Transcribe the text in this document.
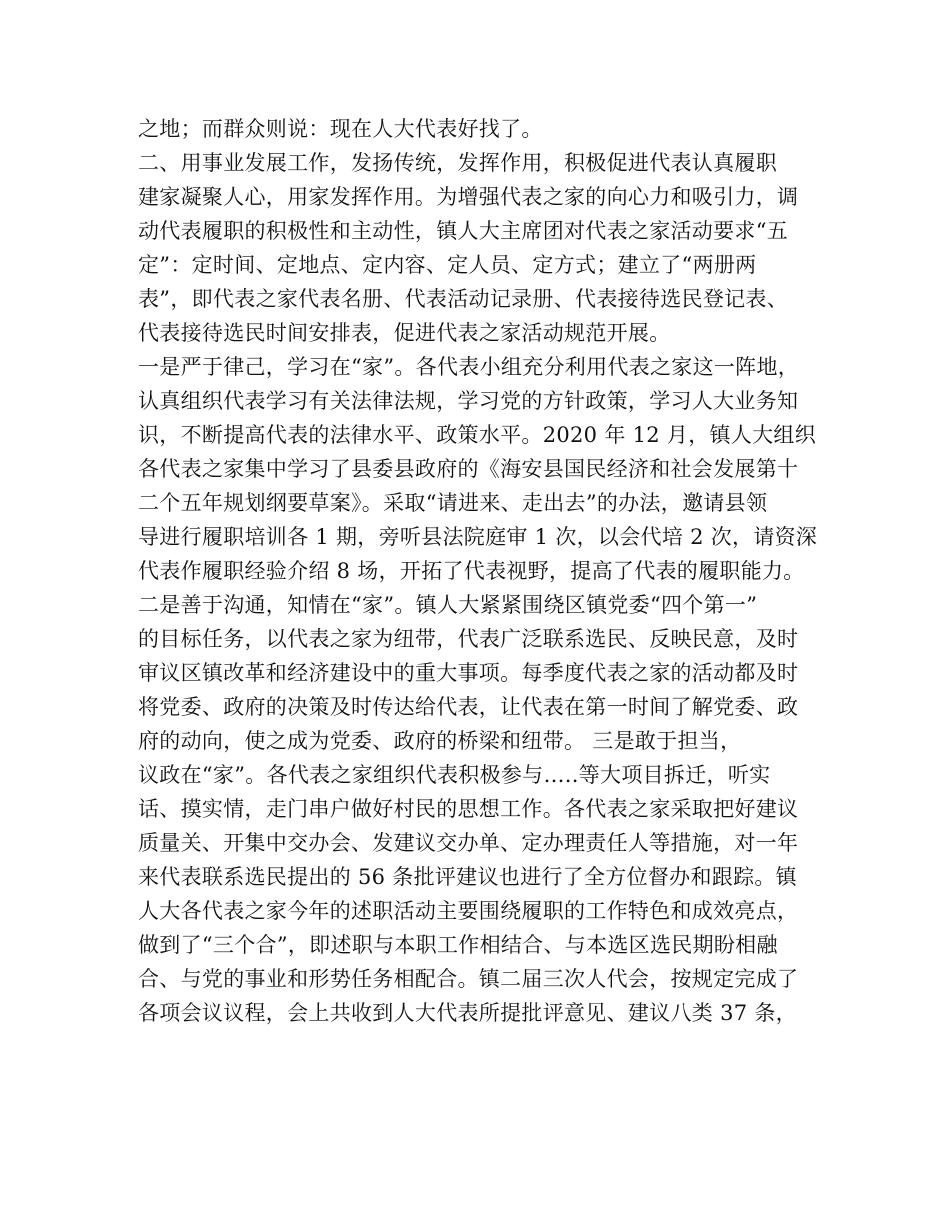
之地；而群众则说：现在人大代表好找了。
二、用事业发展工作，发扬传统，发挥作用，积极促进代表认真履职
建家凝聚人心，用家发挥作用。为增强代表之家的向心力和吸引力，调
动代表履职的积极性和主动性，镇人大主席团对代表之家活动要求“五
定”：定时间、定地点、定内容、定人员、定方式；建立了“两册两
表”，即代表之家代表名册、代表活动记录册、代表接待选民登记表、
代表接待选民时间安排表，促进代表之家活动规范开展。
一是严于律己，学习在“家”。各代表小组充分利用代表之家这一阵地，
认真组织代表学习有关法律法规，学习党的方针政策，学习人大业务知
识，不断提高代表的法律水平、政策水平。2020 年 12 月，镇人大组织
各代表之家集中学习了县委县政府的《海安县国民经济和社会发展第十
二个五年规划纲要草案》。采取“请进来、走出去”的办法，邀请县领
导进行履职培训各 1 期，旁听县法院庭审 1 次，以会代培 2 次，请资深
代表作履职经验介绍 8 场，开拓了代表视野，提高了代表的履职能力。
二是善于沟通，知情在“家”。镇人大紧紧围绕区镇党委“四个第一”
的目标任务，以代表之家为纽带，代表广泛联系选民、反映民意，及时
审议区镇改革和经济建设中的重大事项。每季度代表之家的活动都及时
将党委、政府的决策及时传达给代表，让代表在第一时间了解党委、政
府的动向，使之成为党委、政府的桥梁和纽带。 三是敢于担当，
议政在“家”。各代表之家组织代表积极参与…..等大项目拆迁，听实
话、摸实情，走门串户做好村民的思想工作。各代表之家采取把好建议
质量关、开集中交办会、发建议交办单、定办理责任人等措施，对一年
来代表联系选民提出的 56 条批评建议也进行了全方位督办和跟踪。镇
人大各代表之家今年的述职活动主要围绕履职的工作特色和成效亮点，
做到了“三个合”，即述职与本职工作相结合、与本选区选民期盼相融
合、与党的事业和形势任务相配合。镇二届三次人代会，按规定完成了
各项会议议程，会上共收到人大代表所提批评意见、建议八类 37 条，
